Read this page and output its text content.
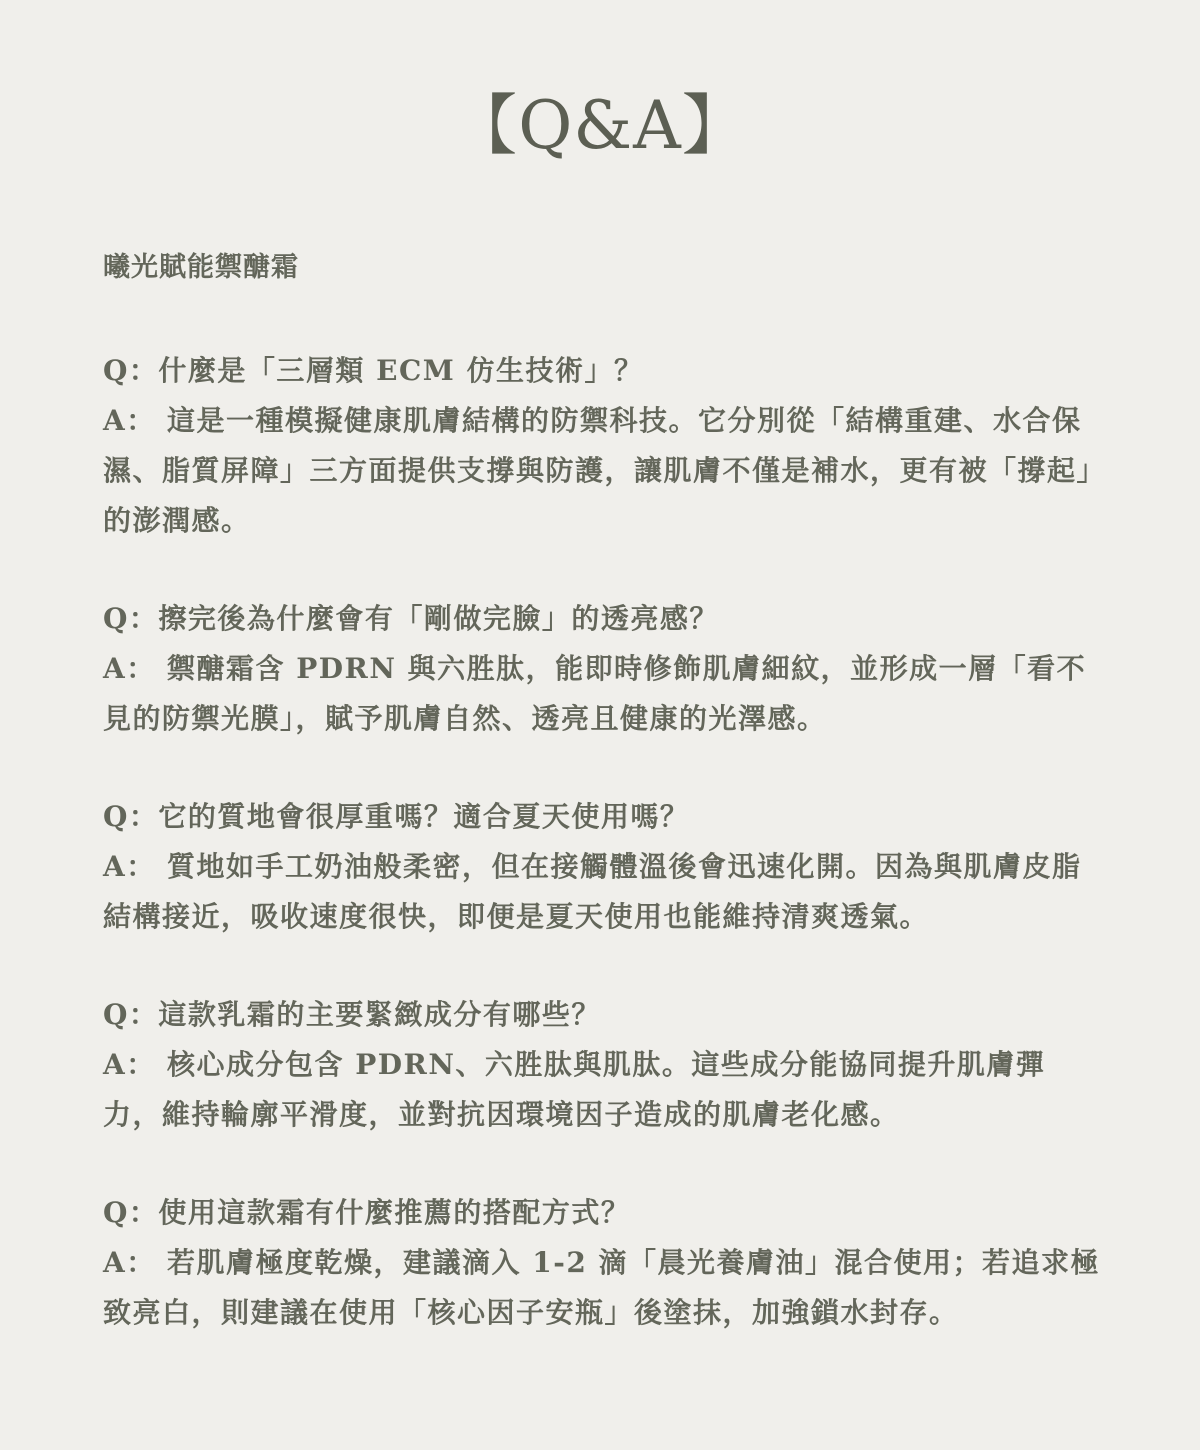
【Q&A】
曦光賦能禦醣霜

Q：什麼是「三層類 ECM 仿生技術」？

A： 這是一種模擬健康肌膚結構的防禦科技。它分別從「結構重建、水合保濕、脂質屏障」三方面提供支撐與防護，讓肌膚不僅是補水，更有被「撐起」的澎潤感。

Q：擦完後為什麼會有「剛做完臉」的透亮感？

A： 禦醣霜含 PDRN 與六胜肽，能即時修飾肌膚細紋，並形成一層「看不見的防禦光膜」，賦予肌膚自然、透亮且健康的光澤感。

Q：它的質地會很厚重嗎？適合夏天使用嗎？

A： 質地如手工奶油般柔密，但在接觸體溫後會迅速化開。因為與肌膚皮脂結構接近，吸收速度很快，即便是夏天使用也能維持清爽透氣。

Q：這款乳霜的主要緊緻成分有哪些？

A： 核心成分包含 PDRN、六胜肽與肌肽。這些成分能協同提升肌膚彈力，維持輪廓平滑度，並對抗因環境因子造成的肌膚老化感。

Q：使用這款霜有什麼推薦的搭配方式？

A： 若肌膚極度乾燥，建議滴入 1-2 滴「晨光養膚油」混合使用；若追求極致亮白，則建議在使用「核心因子安瓶」後塗抹，加強鎖水封存。
